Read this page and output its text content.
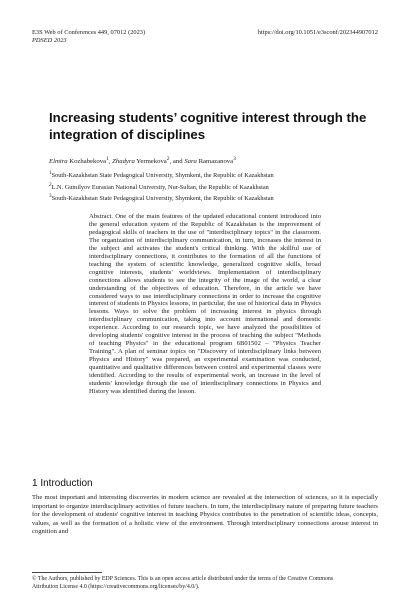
E3S Web of Conferences 449, 07012 (2023)	https://doi.org/10.1051/e3sconf/202344907012
PDSED 2023
Increasing students’ cognitive interest through the integration of disciplines
Elmira Kozhabekova$^1$, Zhadyra Yermekova$^2$, and Sara Ramazanova$^3$
$^1$South-Kazakhstan State Pedagogical University, Shymkent, the Republic of Kazakhstan
$^2$L.N. Gumilyov Eurasian National University, Nur-Sultan, the Republic of Kazakhstan
$^3$South-Kazakhstan State Pedagogical University, Shymkent, the Republic of Kazakhstan
Abstract. One of the main features of the updated educational content introduced into the general education system of the Republic of Kazakhstan is the improvement of pedagogical skills of teachers in the use of "interdisciplinary topics" in the classroom. The organization of interdisciplinary communication, in turn, increases the interest in the subject and activates the student's critical thinking. With the skillful use of interdisciplinary connections, it contributes to the formation of all the functions of teaching the system of scientific knowledge, generalized cognitive skills, broad cognitive interests, students' worldviews. Implementation of interdisciplinary connections allows students to see the integrity of the image of the world, a clear understanding of the objectives of education. Therefore, in the article we have considered ways to use interdisciplinary connections in order to increase the cognitive interest of students in Physics lessons, in particular, the use of historical data in Physics lessons. Ways to solve the problem of increasing interest in physics through interdisciplinary communication, taking into account international and domestic experience. According to our research topic, we have analyzed the possibilities of developing students' cognitive interest in the process of teaching the subject "Methods of teaching Physics" in the educational program 6B01502 – "Physics Teacher Training". A plan of seminar topics on "Discovery of interdisciplinary links between Physics and History" was prepared, an experimental examination was conducted, quantitative and qualitative differences between control and experimental classes were identified. According to the results of experimental work, an increase in the level of students' knowledge through the use of interdisciplinary connections in Physics and History was identified during the lesson.
1 Introduction
The most important and interesting discoveries in modern science are revealed at the intersection of sciences, so it is especially important to organize interdisciplinary activities of future teachers. In turn, the interdisciplinary nature of preparing future teachers for the development of students' cognitive interest in teaching Physics contributes to the penetration of scientific ideas, concepts, values, as well as the formation of a holistic view of the environment. Through interdisciplinary connections arouse interest in cognition and
© The Authors, published by EDP Sciences. This is an open access article distributed under the terms of the Creative Commons
Attribution License 4.0 (https://creativecommons.org/licenses/by/4.0/).
